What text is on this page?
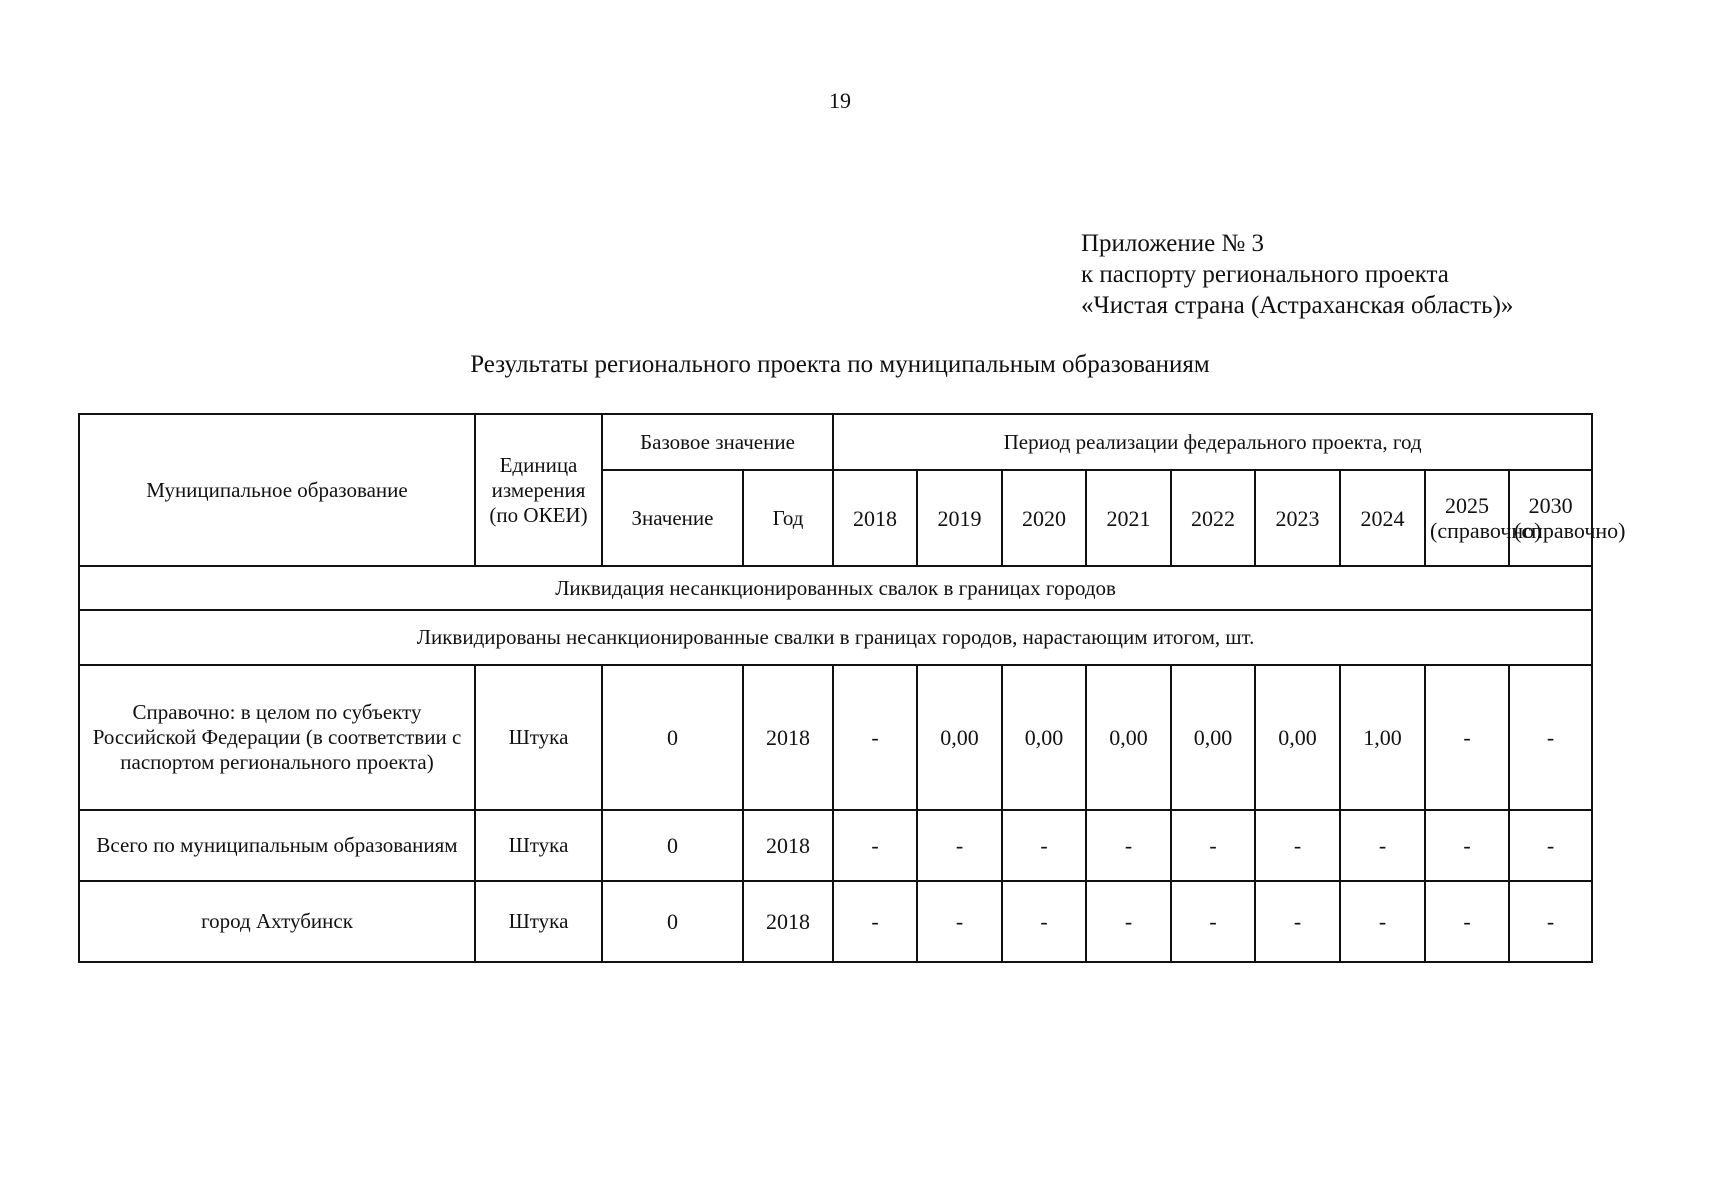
19
Приложение № 3
к паспорту регионального проекта
«Чистая страна (Астраханская область)»
Результаты регионального проекта по муниципальным образованиям
Муниципальное образование	Единица измерения (по ОКЕИ)	Базовое значение		Период реализации федерального проекта, год								
		Значение	Год	2018	2019	2020	2021	2022	2023	2024	2025 (справочно)	2030 (справочно)
Ликвидация несанкционированных свалок в границах городов												
Ликвидированы несанкционированные свалки в границах городов, нарастающим итогом, шт.												
Справочно: в целом по субъекту Российской Федерации (в соответствии с паспортом регионального проекта)	Штука	0	2018	-	0,00	0,00	0,00	0,00	0,00	1,00	-	-
Всего по муниципальным образованиям	Штука	0	2018	-	-	-	-	-	-	-	-	-
город Ахтубинск	Штука	0	2018	-	-	-	-	-	-	-	-	-
